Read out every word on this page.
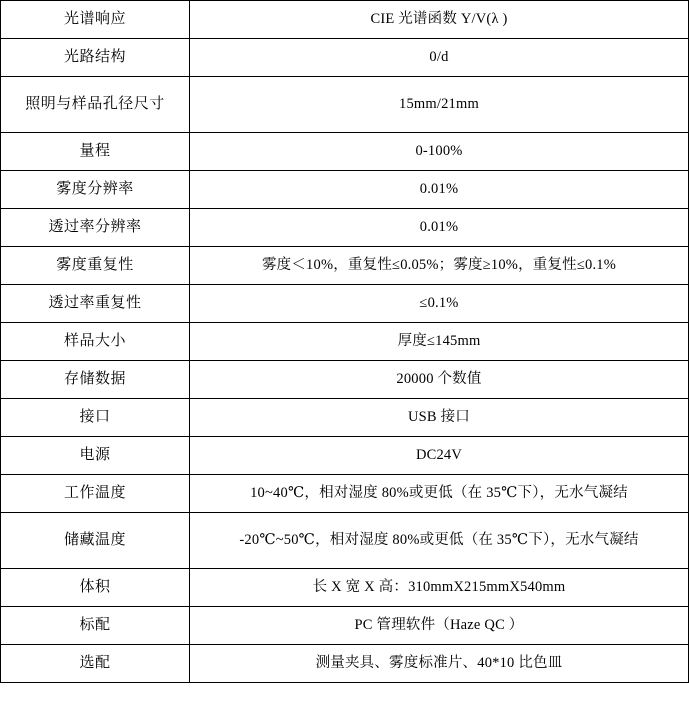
光谱响应	CIE 光谱函数 Y/V(λ )
光路结构	0/d
照明与样品孔径尺寸	15mm/21mm
量程	0-100%
雾度分辨率	0.01%
透过率分辨率	0.01%
雾度重复性	雾度＜10%，重复性≤0.05%；雾度≥10%，重复性≤0.1%
透过率重复性	≤0.1%
样品大小	厚度≤145mm
存储数据	20000 个数值
接口	USB 接口
电源	DC24V
工作温度	10~40℃，相对湿度 80%或更低（在 35℃下），无水气凝结
储藏温度	-20℃~50℃，相对湿度 80%或更低（在 35℃下），无水气凝结
体积	长 X 宽 X 高：310mmX215mmX540mm
标配	PC 管理软件（Haze QC ）
选配	测量夹具、雾度标准片、40*10 比色皿
